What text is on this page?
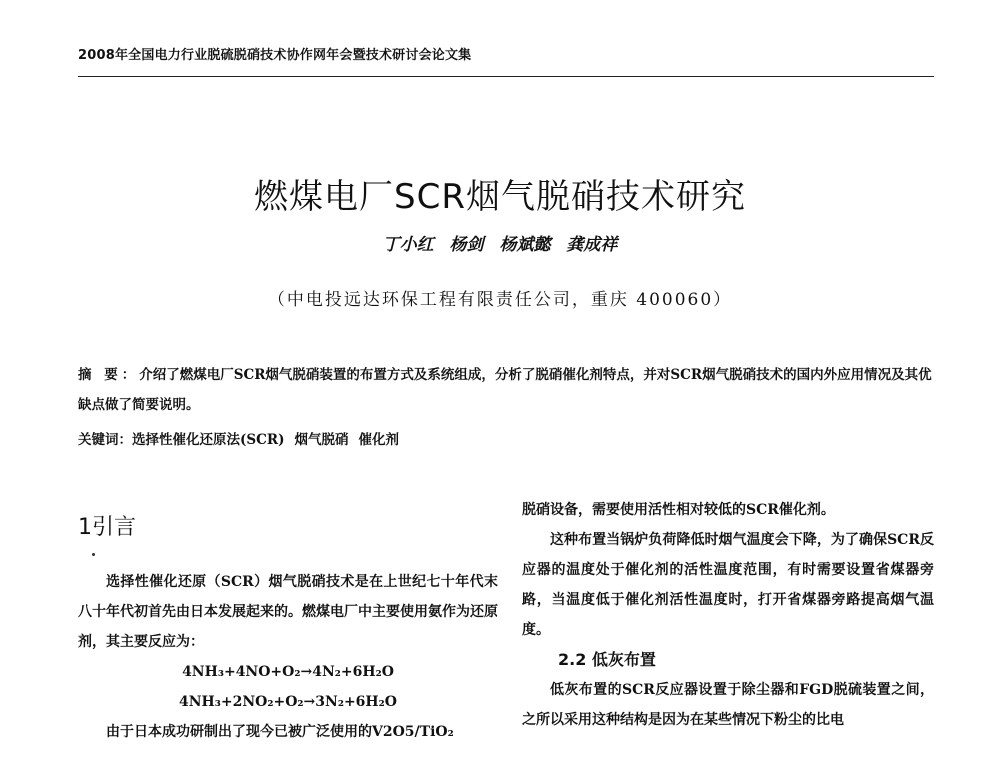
2008年全国电力行业脱硫脱硝技术协作网年会暨技术研讨会论文集
燃煤电厂SCR烟气脱硝技术研究
丁小红 杨剑 杨斌懿 龚成祥
（中电投远达环保工程有限责任公司，重庆 400060）
摘 要：介绍了燃煤电厂SCR烟气脱硝装置的布置方式及系统组成，分析了脱硝催化剂特点，并对SCR烟气脱硝技术的国内外应用情况及其优缺点做了简要说明。
关键词：选择性催化还原法(SCR) 烟气脱硝 催化剂
1引言

选择性催化还原（SCR）烟气脱硝技术是在上世纪七十年代末八十年代初首先由日本发展起来的。燃煤电厂中主要使用氨作为还原剂，其主要反应为：

4NH₃+4NO+O₂→4N₂+6H₂O

4NH₃+2NO₂+O₂→3N₂+6H₂O

由于日本成功研制出了现今已被广泛使用的V2O5/TiO₂

脱硝设备，需要使用活性相对较低的SCR催化剂。

这种布置当锅炉负荷降低时烟气温度会下降，为了确保SCR反应器的温度处于催化剂的活性温度范围，有时需要设置省煤器旁路，当温度低于催化剂活性温度时，打开省煤器旁路提高烟气温度。

2.2 低灰布置

低灰布置的SCR反应器设置于除尘器和FGD脱硫装置之间，之所以采用这种结构是因为在某些情况下粉尘的比电
